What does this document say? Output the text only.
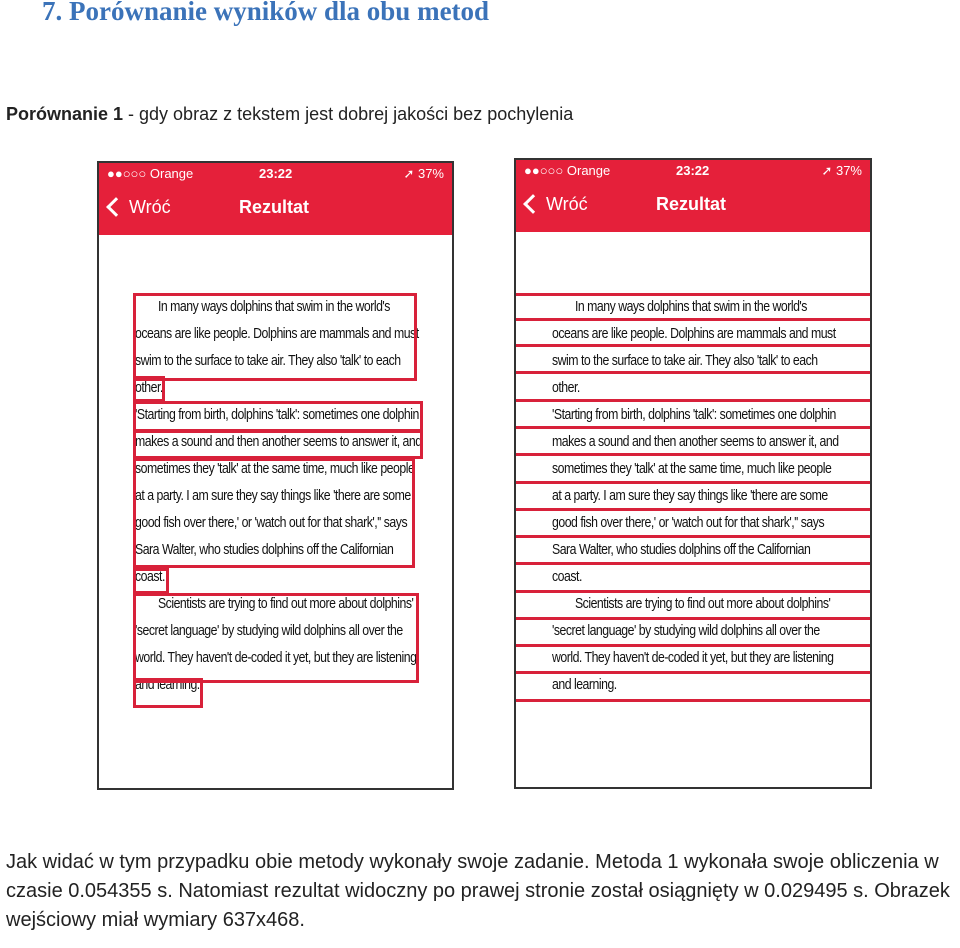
7. Porównanie wyników dla obu metod

Porównanie 1 - gdy obraz z tekstem jest dobrej jakości bez pochylenia

●●○○○ Orange	23:22	➚ 37%
Wróć	Rezultat
In many ways dolphins that swim in the world's
oceans are like people. Dolphins are mammals and must
swim to the surface to take air. They also 'talk' to each
other.
'Starting from birth, dolphins 'talk': sometimes one dolphin
makes a sound and then another seems to answer it, and
sometimes they 'talk' at the same time, much like people
at a party. I am sure they say things like 'there are some
good fish over there,' or 'watch out for that shark','' says
Sara Walter, who studies dolphins off the Californian
coast.
Scientists are trying to find out more about dolphins'
'secret language' by studying wild dolphins all over the
world. They haven't de-coded it yet, but they are listening
and learning.
●●○○○ Orange	23:22	➚ 37%
Wróć	Rezultat
In many ways dolphins that swim in the world's
oceans are like people. Dolphins are mammals and must
swim to the surface to take air. They also 'talk' to each
other.
'Starting from birth, dolphins 'talk': sometimes one dolphin
makes a sound and then another seems to answer it, and
sometimes they 'talk' at the same time, much like people
at a party. I am sure they say things like 'there are some
good fish over there,' or 'watch out for that shark','' says
Sara Walter, who studies dolphins off the Californian
coast.
Scientists are trying to find out more about dolphins'
'secret language' by studying wild dolphins all over the
world. They haven't de-coded it yet, but they are listening
and learning.

Jak widać w tym przypadku obie metody wykonały swoje zadanie. Metoda 1 wykonała swoje obliczenia w czasie 0.054355 s. Natomiast rezultat widoczny po prawej stronie został osiągnięty w 0.029495 s. Obrazek wejściowy miał wymiary 637x468.
